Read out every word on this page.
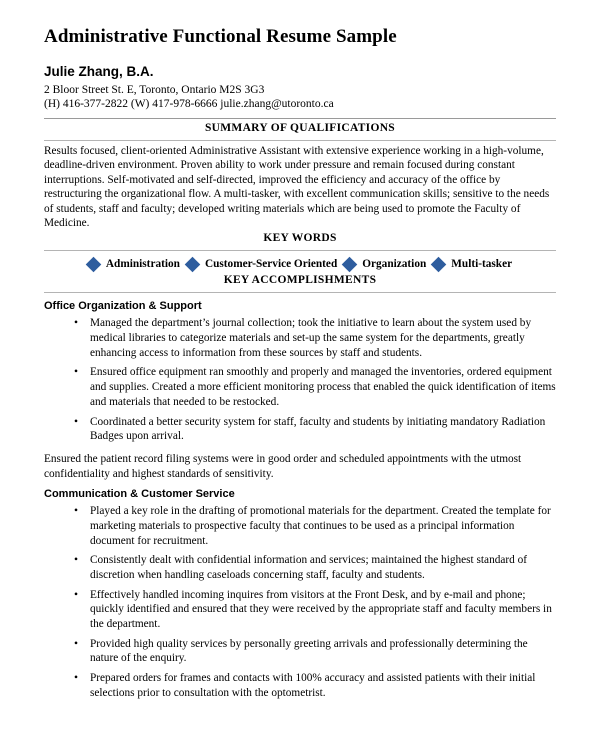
Administrative Functional Resume Sample
Julie Zhang, B.A.
2 Bloor Street St. E, Toronto, Ontario M2S 3G3
(H) 416-377-2822 (W) 417-978-6666 julie.zhang@utoronto.ca
SUMMARY OF QUALIFICATIONS

Results focused, client-oriented Administrative Assistant with extensive experience working in a high-volume, deadline-driven environment. Proven ability to work under pressure and remain focused during constant interruptions. Self-motivated and self-directed, improved the efficiency and accuracy of the office by restructuring the organizational flow. A multi-tasker, with excellent communication skills; sensitive to the needs of students, staff and faculty; developed writing materials which are being used to promote the Faculty of Medicine.

KEY WORDS
Administration Customer-Service Oriented Organization Multi-tasker
KEY ACCOMPLISHMENTS
Office Organization & Support
• Managed the department’s journal collection; took the initiative to learn about the system used by medical libraries to categorize materials and set-up the same system for the departments, greatly enhancing access to information from these sources by staff and students.
• Ensured office equipment ran smoothly and properly and managed the inventories, ordered equipment and supplies. Created a more efficient monitoring process that enabled the quick identification of items and materials that needed to be restocked.
• Coordinated a better security system for staff, faculty and students by initiating mandatory Radiation Badges upon arrival.

Ensured the patient record filing systems were in good order and scheduled appointments with the utmost confidentiality and highest standards of sensitivity.

Communication & Customer Service
• Played a key role in the drafting of promotional materials for the department. Created the template for marketing materials to prospective faculty that continues to be used as a principal information document for recruitment.
• Consistently dealt with confidential information and services; maintained the highest standard of discretion when handling caseloads concerning staff, faculty and students.
• Effectively handled incoming inquires from visitors at the Front Desk, and by e-mail and phone; quickly identified and ensured that they were received by the appropriate staff and faculty members in the department.
• Provided high quality services by personally greeting arrivals and professionally determining the nature of the enquiry.
• Prepared orders for frames and contacts with 100% accuracy and assisted patients with their initial selections prior to consultation with the optometrist.
